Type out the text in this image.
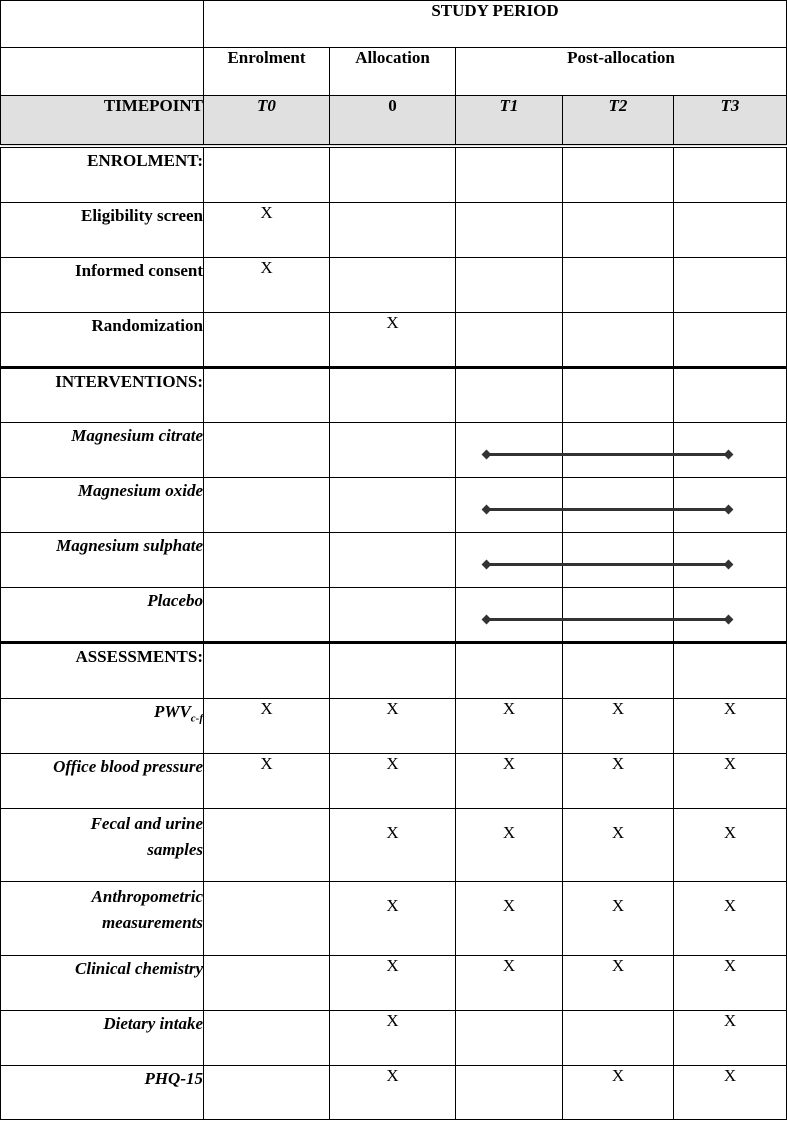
	STUDY PERIOD				
	Enrolment	Allocation	Post-allocation		
TIMEPOINT	T0	0	T1	T2	T3
ENROLMENT:					
Eligibility screen	X				
Informed consent	X				
Randomization		X			
INTERVENTIONS:					
Magnesium citrate			

Magnesium oxide			

Magnesium sulphate			

Placebo			

ASSESSMENTS:					
$PWV_{c-f}$	X	X	X	X	X
Office blood pressure	X	X	X	X	X

Fecal and urine
samples		X	X	X	X

Anthropometric
measurements		X	X	X	X
Clinical chemistry		X	X	X	X
Dietary intake		X			X
PHQ-15		X		X	X
